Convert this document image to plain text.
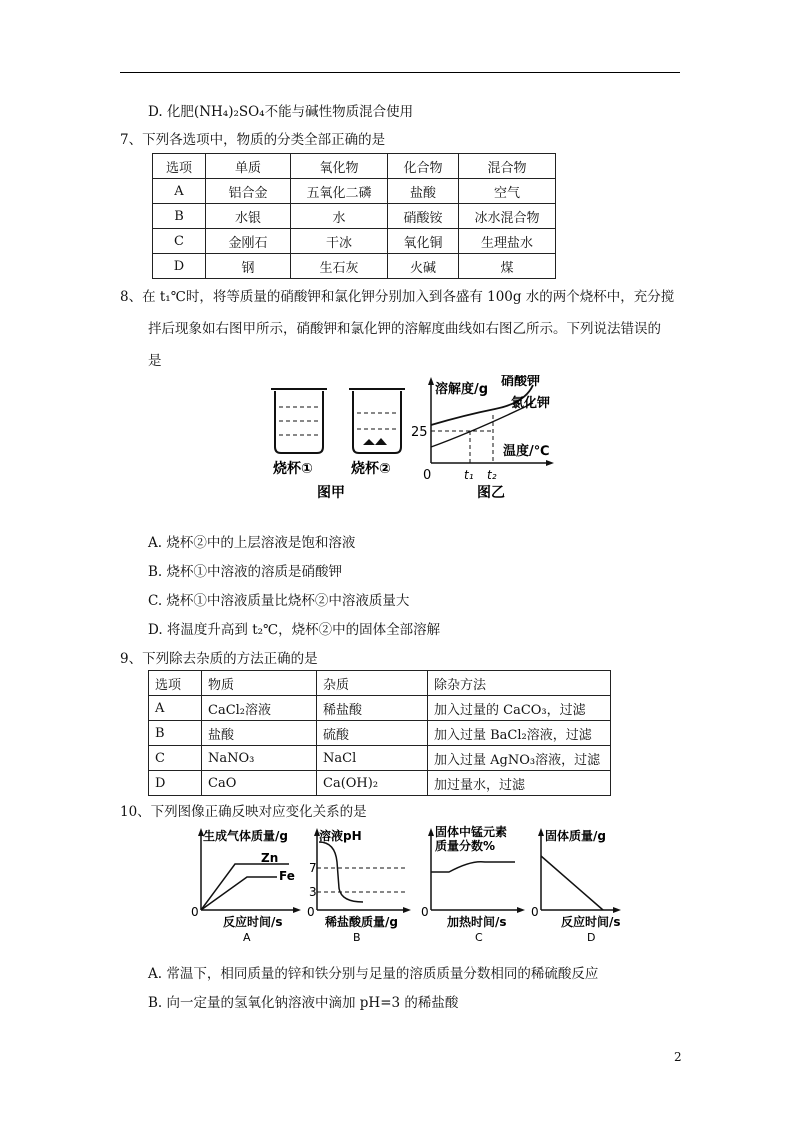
D. 化肥(NH₄)₂SO₄不能与碱性物质混合使用
7、下列各选项中，物质的分类全部正确的是
选项	单质	氧化物	化合物	混合物
A	铝合金	五氧化二磷	盐酸	空气
B	水银	水	硝酸铵	冰水混合物
C	金刚石	干冰	氧化铜	生理盐水
D	钢	生石灰	火碱	煤
8、在 t₁℃时，将等质量的硝酸钾和氯化钾分别加入到各盛有 100g 水的两个烧杯中，充分搅
拌后现象如右图甲所示，硝酸钾和氯化钾的溶解度曲线如右图乙所示。下列说法错误的
是
烧杯①	烧杯②
图甲
溶解度/g
硝酸钾
氯化钾
25
温度/℃
0	t₁ t₂
图乙
A. 烧杯②中的上层溶液是饱和溶液
B. 烧杯①中溶液的溶质是硝酸钾
C. 烧杯①中溶液质量比烧杯②中溶液质量大
D. 将温度升高到 t₂℃，烧杯②中的固体全部溶解
9、下列除去杂质的方法正确的是
选项	物质	杂质	除杂方法
A	CaCl₂溶液	稀盐酸	加入过量的 CaCO₃，过滤
B	盐酸	硫酸	加入过量 BaCl₂溶液，过滤
C	NaNO₃	NaCl	加入过量 AgNO₃溶液，过滤
D	CaO	Ca(OH)₂	加过量水，过滤
10、下列图像正确反映对应变化关系的是
生成气体质量/g
Zn
Fe
0
反应时间/s
A
溶液pH
7
3
0
稀盐酸质量/g
B
固体中锰元素
质量分数%
0
加热时间/s
C
固体质量/g
0
反应时间/s
D
A. 常温下，相同质量的锌和铁分别与足量的溶质质量分数相同的稀硫酸反应
B. 向一定量的氢氧化钠溶液中滴加 pH=3 的稀盐酸
2
